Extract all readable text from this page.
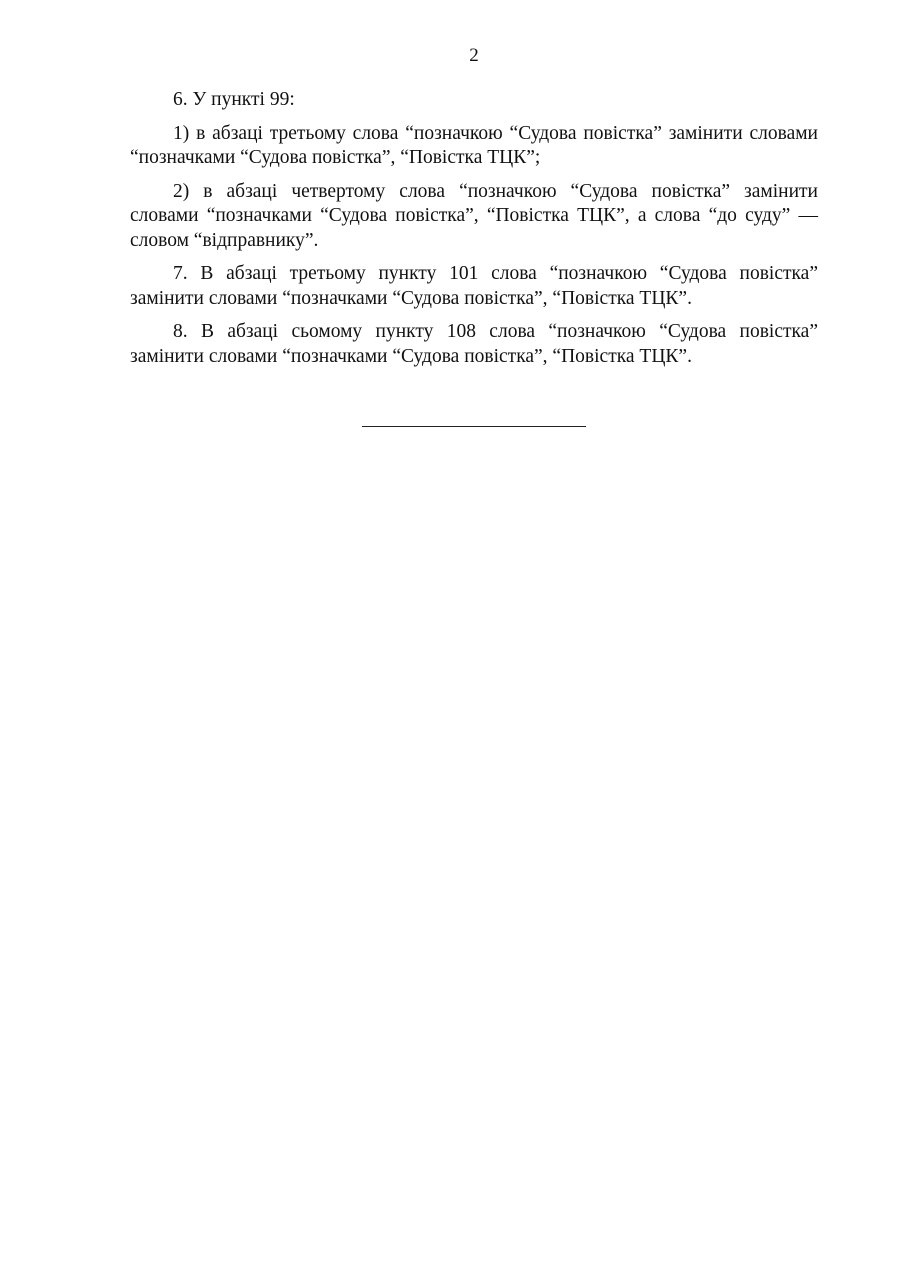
2

6. У пункті 99:

1) в абзаці третьому слова “позначкою “Судова повістка” замінити словами “позначками “Судова повістка”, “Повістка ТЦК”;

2) в абзаці четвертому слова “позначкою “Судова повістка” замінити словами “позначками “Судова повістка”, “Повістка ТЦК”, а слова “до суду” — словом “відправнику”.

7. В абзаці третьому пункту 101 слова “позначкою “Судова повістка” замінити словами “позначками “Судова повістка”, “Повістка ТЦК”.

8. В абзаці сьомому пункту 108 слова “позначкою “Судова повістка” замінити словами “позначками “Судова повістка”, “Повістка ТЦК”.
